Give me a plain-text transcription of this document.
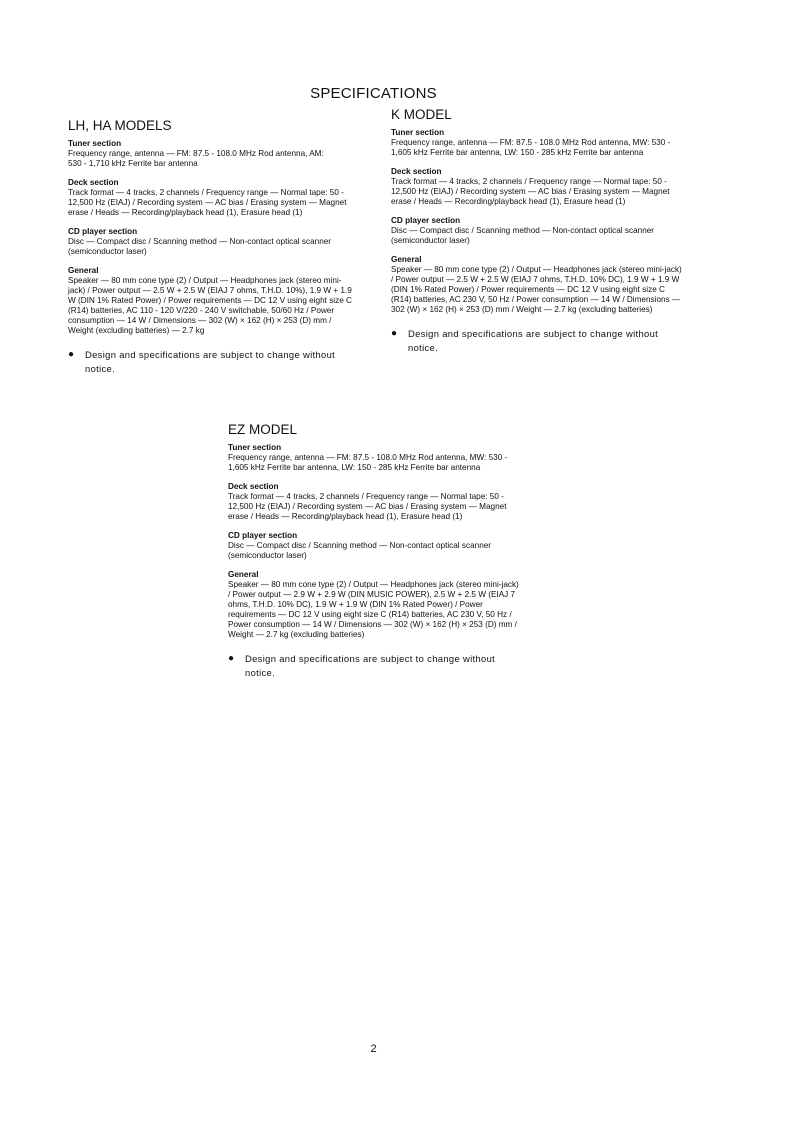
SPECIFICATIONS
LH, HA MODELS
Tuner section
Frequency range, antenna — FM: 87.5 - 108.0 MHz Rod antenna, AM: 530 - 1,710 kHz Ferrite bar antenna
Deck section
Track format — 4 tracks, 2 channels / Frequency range — Normal tape: 50 - 12,500 Hz (EIAJ) / Recording system — AC bias / Erasing system — Magnet erase / Heads — Recording/playback head (1), Erasure head (1)
CD player section
Disc — Compact disc / Scanning method — Non-contact optical scanner (semiconductor laser)
General
Speaker — 80 mm cone type (2) / Output — Headphones jack (stereo mini-jack) / Power output — 2.5 W + 2.5 W (EIAJ 7 ohms, T.H.D. 10%), 1.9 W + 1.9 W (DIN 1% Rated Power) / Power requirements — DC 12 V using eight size C (R14) batteries, AC 110 - 120 V/220 - 240 V switchable, 50/60 Hz / Power consumption — 14 W / Dimensions — 302 (W) × 162 (H) × 253 (D) mm / Weight (excluding batteries) — 2.7 kg
●	Design and specifications are subject to change without notice.
K MODEL
Tuner section
Frequency range, antenna — FM: 87.5 - 108.0 MHz Rod antenna, MW: 530 - 1,605 kHz Ferrite bar antenna, LW: 150 - 285 kHz Ferrite bar antenna
Deck section
Track format — 4 tracks, 2 channels / Frequency range — Normal tape: 50 - 12,500 Hz (EIAJ) / Recording system — AC bias / Erasing system — Magnet erase / Heads — Recording/playback head (1), Erasure head (1)
CD player section
Disc — Compact disc / Scanning method — Non-contact optical scanner (semiconductor laser)
General
Speaker — 80 mm cone type (2) / Output — Headphones jack (stereo mini-jack) / Power output — 2.5 W + 2.5 W (EIAJ 7 ohms, T.H.D. 10% DC), 1.9 W + 1.9 W (DIN 1% Rated Power) / Power requirements — DC 12 V using eight size C (R14) batteries, AC 230 V, 50 Hz / Power consumption — 14 W / Dimensions — 302 (W) × 162 (H) × 253 (D) mm / Weight — 2.7 kg (excluding batteries)
●	Design and specifications are subject to change without notice.
EZ MODEL
Tuner section
Frequency range, antenna — FM: 87.5 - 108.0 MHz Rod antenna, MW: 530 - 1,605 kHz Ferrite bar antenna, LW: 150 - 285 kHz Ferrite bar antenna
Deck section
Track format — 4 tracks, 2 channels / Frequency range — Normal tape: 50 - 12,500 Hz (EIAJ) / Recording system — AC bias / Erasing system — Magnet erase / Heads — Recording/playback head (1), Erasure head (1)
CD player section
Disc — Compact disc / Scanning method — Non-contact optical scanner (semiconductor laser)
General
Speaker — 80 mm cone type (2) / Output — Headphones jack (stereo mini-jack) / Power output — 2.9 W + 2.9 W (DIN MUSIC POWER), 2.5 W + 2.5 W (EIAJ 7 ohms, T.H.D. 10% DC), 1.9 W + 1.9 W (DIN 1% Rated Power) / Power requirements — DC 12 V using eight size C (R14) batteries, AC 230 V, 50 Hz / Power consumption — 14 W / Dimensions — 302 (W) × 162 (H) × 253 (D) mm / Weight — 2.7 kg (excluding batteries)
●	Design and specifications are subject to change without notice.
2
